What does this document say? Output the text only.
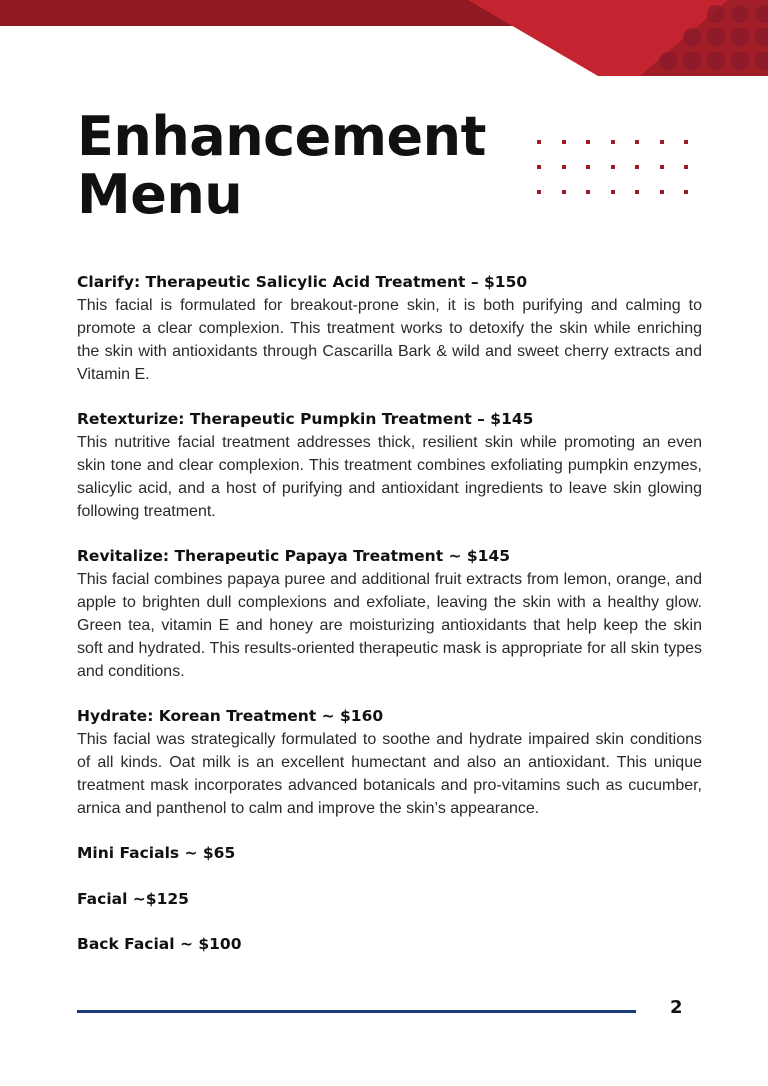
Enhancement
Menu
Clarify: Therapeutic Salicylic Acid Treatment – $150

This facial is formulated for breakout-prone skin, it is both purifying and calming to promote a clear complexion. This treatment works to detoxify the skin while enriching the skin with antioxidants through Cascarilla Bark & wild and sweet cherry extracts and Vitamin E.

Retexturize: Therapeutic Pumpkin Treatment – $145

This nutritive facial treatment addresses thick, resilient skin while promoting an even skin tone and clear complexion. This treatment combines exfoliating pumpkin enzymes, salicylic acid, and a host of purifying and antioxidant ingredients to leave skin glowing following treatment.

Revitalize: Therapeutic Papaya Treatment ~ $145

This facial combines papaya puree and additional fruit extracts from lemon, orange, and apple to brighten dull complexions and exfoliate, leaving the skin with a healthy glow. Green tea, vitamin E and honey are moisturizing antioxidants that help keep the skin soft and hydrated. This results-oriented therapeutic mask is appropriate for all skin types and conditions.

Hydrate: Korean Treatment ~ $160

This facial was strategically formulated to soothe and hydrate impaired skin conditions of all kinds. Oat milk is an excellent humectant and also an antioxidant. This unique treatment mask incorporates advanced botanicals and pro-vitamins such as cucumber, arnica and panthenol to calm and improve the skin’s appearance.

Mini Facials ~ $65

Facial ~$125

Back Facial ~ $100

2
